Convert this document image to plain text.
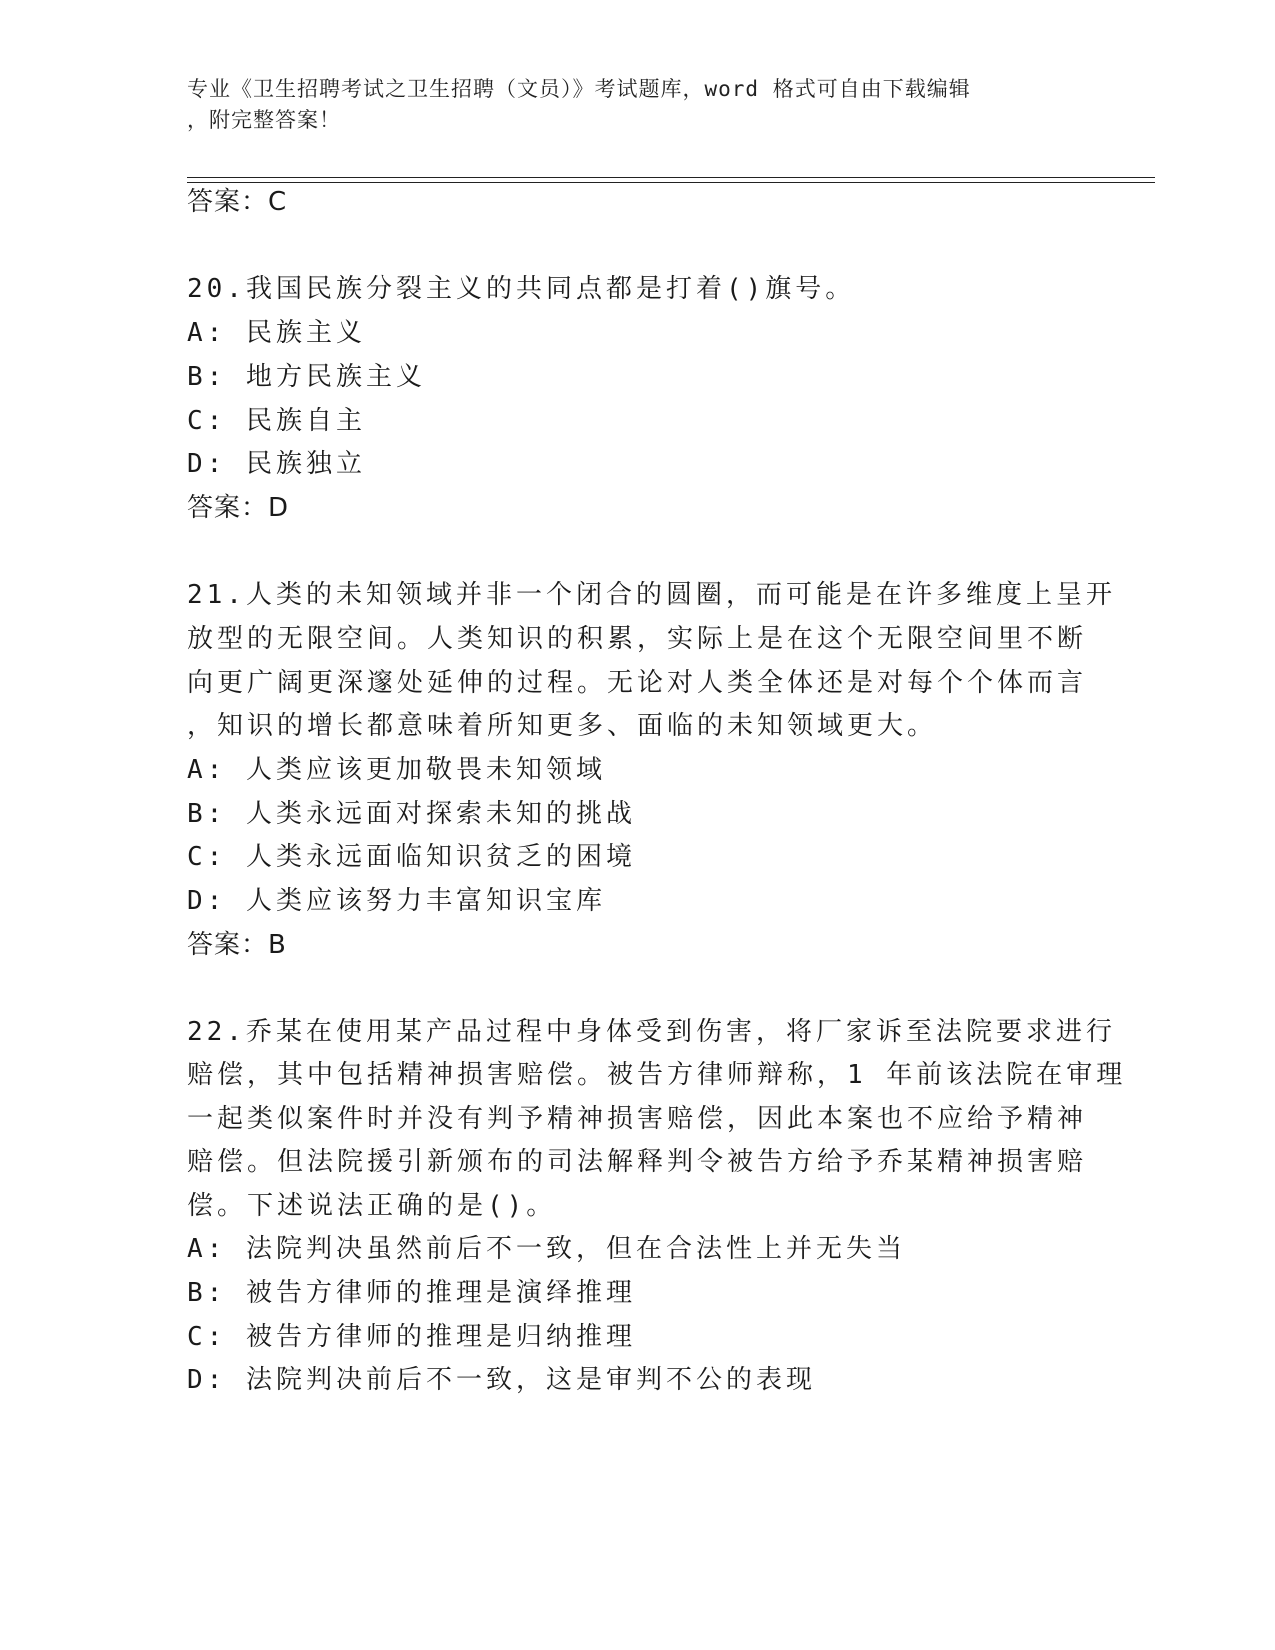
专业《卫生招聘考试之卫生招聘（文员）》考试题库，word 格式可自由下载编辑
，附完整答案！
答案：C
20.我国民族分裂主义的共同点都是打着()旗号。
A: 民族主义
B: 地方民族主义
C: 民族自主
D: 民族独立
答案：D
21.人类的未知领域并非一个闭合的圆圈，而可能是在许多维度上呈开
放型的无限空间。人类知识的积累，实际上是在这个无限空间里不断
向更广阔更深邃处延伸的过程。无论对人类全体还是对每个个体而言
，知识的增长都意味着所知更多、面临的未知领域更大。
A: 人类应该更加敬畏未知领域
B: 人类永远面对探索未知的挑战
C: 人类永远面临知识贫乏的困境
D: 人类应该努力丰富知识宝库
答案：B
22.乔某在使用某产品过程中身体受到伤害，将厂家诉至法院要求进行
赔偿，其中包括精神损害赔偿。被告方律师辩称，1 年前该法院在审理
一起类似案件时并没有判予精神损害赔偿，因此本案也不应给予精神
赔偿。但法院援引新颁布的司法解释判令被告方给予乔某精神损害赔
偿。下述说法正确的是()。
A: 法院判决虽然前后不一致，但在合法性上并无失当
B: 被告方律师的推理是演绎推理
C: 被告方律师的推理是归纳推理
D: 法院判决前后不一致，这是审判不公的表现
